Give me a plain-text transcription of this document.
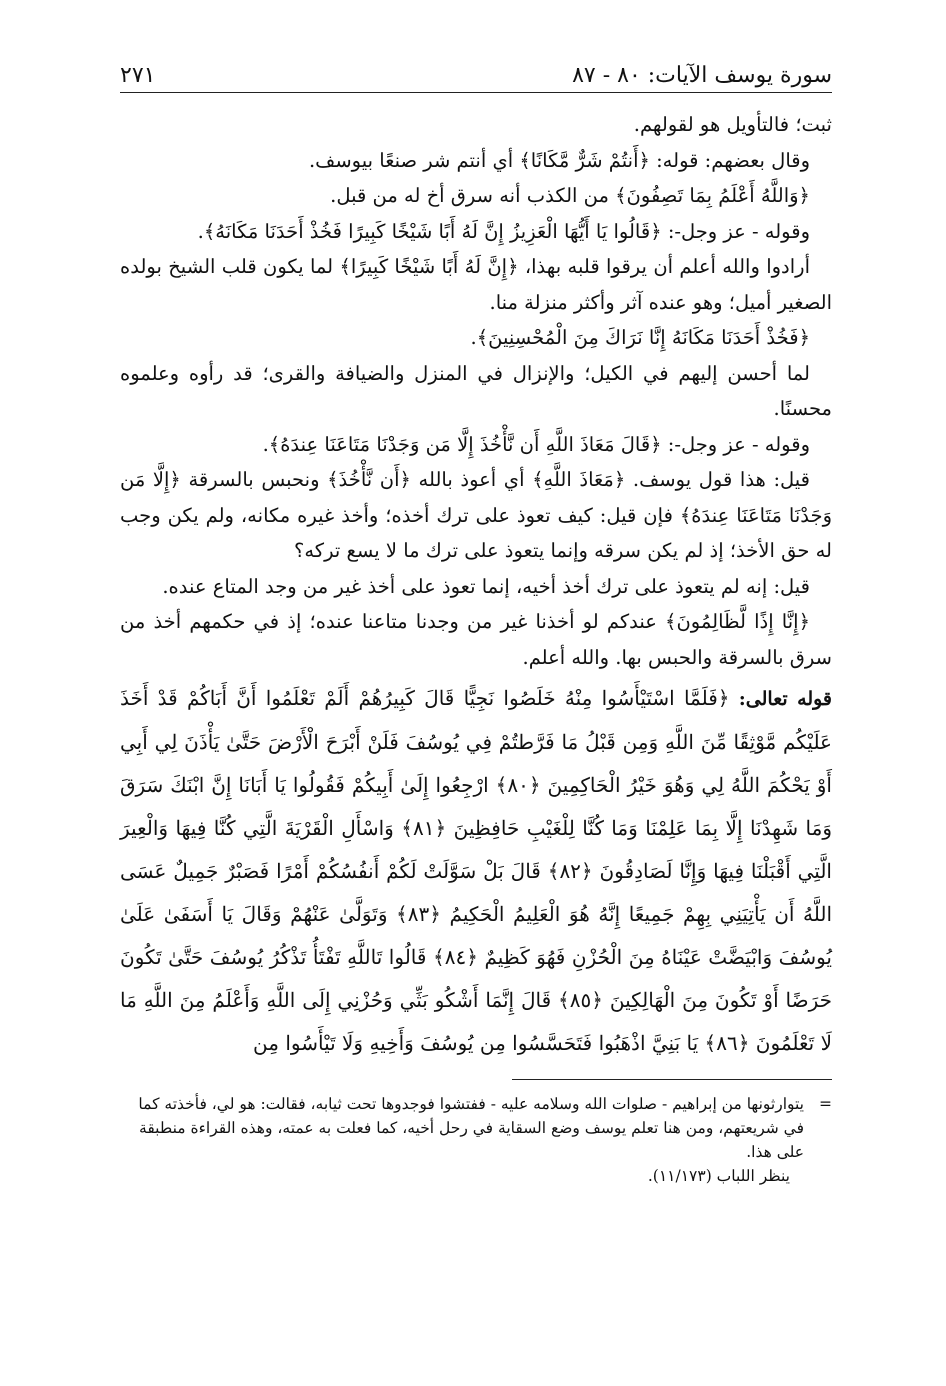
سورة يوسف الآيات: ٨٠ - ٨٧
٢٧١

ثبت؛ فالتأويل هو لقولهم.

وقال بعضهم: قوله: ﴿أَنتُمْ شَرٌّ مَّكَانًا﴾ أي أنتم شر صنعًا بيوسف.

﴿وَاللَّهُ أَعْلَمُ بِمَا تَصِفُونَ﴾ من الكذب أنه سرق أخ له من قبل.

وقوله - عز وجل-: ﴿قَالُوا يَا أَيُّهَا الْعَزِيزُ إِنَّ لَهُ أَبًا شَيْخًا كَبِيرًا فَخُذْ أَحَدَنَا مَكَانَهُ﴾.

أرادوا والله أعلم أن يرقوا قلبه بهذا، ﴿إِنَّ لَهُ أَبًا شَيْخًا كَبِيرًا﴾ لما يكون قلب الشيخ بولده الصغير أميل؛ وهو عنده آثر وأكثر منزلة منا.

﴿فَخُذْ أَحَدَنَا مَكَانَهُ إِنَّا نَرَاكَ مِنَ الْمُحْسِنِينَ﴾.

لما أحسن إليهم في الكيل؛ والإنزال في المنزل والضيافة والقرى؛ قد رأوه وعلموه محسنًا.

وقوله - عز وجل-: ﴿قَالَ مَعَاذَ اللَّهِ أَن نَّأْخُذَ إِلَّا مَن وَجَدْنَا مَتَاعَنَا عِندَهُ﴾.

قيل: هذا قول يوسف. ﴿مَعَاذَ اللَّهِ﴾ أي أعوذ بالله ﴿أَن نَّأْخُذَ﴾ ونحبس بالسرقة ﴿إِلَّا مَن وَجَدْنَا مَتَاعَنَا عِندَهُ﴾ فإن قيل: كيف تعوذ على ترك أخذه؛ وأخذ غيره مكانه، ولم يكن وجب له حق الأخذ؛ إذ لم يكن سرقه وإنما يتعوذ على ترك ما لا يسع تركه؟

قيل: إنه لم يتعوذ على ترك أخذ أخيه، إنما تعوذ على أخذ غير من وجد المتاع عنده.

﴿إِنَّا إِذًا لَّظَالِمُونَ﴾ عندكم لو أخذنا غير من وجدنا متاعنا عنده؛ إذ في حكمهم أخذ من سرق بالسرقة والحبس بها. والله أعلم.

قوله تعالى: ﴿فَلَمَّا اسْتَيْأَسُوا مِنْهُ خَلَصُوا نَجِيًّا قَالَ كَبِيرُهُمْ أَلَمْ تَعْلَمُوا أَنَّ أَبَاكُمْ قَدْ أَخَذَ عَلَيْكُم مَّوْثِقًا مِّنَ اللَّهِ وَمِن قَبْلُ مَا فَرَّطتُمْ فِي يُوسُفَ فَلَنْ أَبْرَحَ الْأَرْضَ حَتَّىٰ يَأْذَنَ لِي أَبِي أَوْ يَحْكُمَ اللَّهُ لِي وَهُوَ خَيْرُ الْحَاكِمِينَ ﴿٨٠﴾ ارْجِعُوا إِلَىٰ أَبِيكُمْ فَقُولُوا يَا أَبَانَا إِنَّ ابْنَكَ سَرَقَ وَمَا شَهِدْنَا إِلَّا بِمَا عَلِمْنَا وَمَا كُنَّا لِلْغَيْبِ حَافِظِينَ ﴿٨١﴾ وَاسْأَلِ الْقَرْيَةَ الَّتِي كُنَّا فِيهَا وَالْعِيرَ الَّتِي أَقْبَلْنَا فِيهَا وَإِنَّا لَصَادِقُونَ ﴿٨٢﴾ قَالَ بَلْ سَوَّلَتْ لَكُمْ أَنفُسُكُمْ أَمْرًا فَصَبْرٌ جَمِيلٌ عَسَى اللَّهُ أَن يَأْتِيَنِي بِهِمْ جَمِيعًا إِنَّهُ هُوَ الْعَلِيمُ الْحَكِيمُ ﴿٨٣﴾ وَتَوَلَّىٰ عَنْهُمْ وَقَالَ يَا أَسَفَىٰ عَلَىٰ يُوسُفَ وَابْيَضَّتْ عَيْنَاهُ مِنَ الْحُزْنِ فَهُوَ كَظِيمٌ ﴿٨٤﴾ قَالُوا تَاللَّهِ تَفْتَأُ تَذْكُرُ يُوسُفَ حَتَّىٰ تَكُونَ حَرَضًا أَوْ تَكُونَ مِنَ الْهَالِكِينَ ﴿٨٥﴾ قَالَ إِنَّمَا أَشْكُو بَثِّي وَحُزْنِي إِلَى اللَّهِ وَأَعْلَمُ مِنَ اللَّهِ مَا لَا تَعْلَمُونَ ﴿٨٦﴾ يَا بَنِيَّ اذْهَبُوا فَتَحَسَّسُوا مِن يُوسُفَ وَأَخِيهِ وَلَا تَيْأَسُوا مِن
=

يتوارثونها من إبراهيم - صلوات الله وسلامه عليه - ففتشوا فوجدوها تحت ثيابه، فقالت: هو لي، فأخذته كما في شريعتهم، ومن هنا تعلم يوسف وضع السقاية في رحل أخيه، كما فعلت به عمته، وهذه القراءة منطبقة على هذا.

ينظر اللباب (١١/١٧٣).
